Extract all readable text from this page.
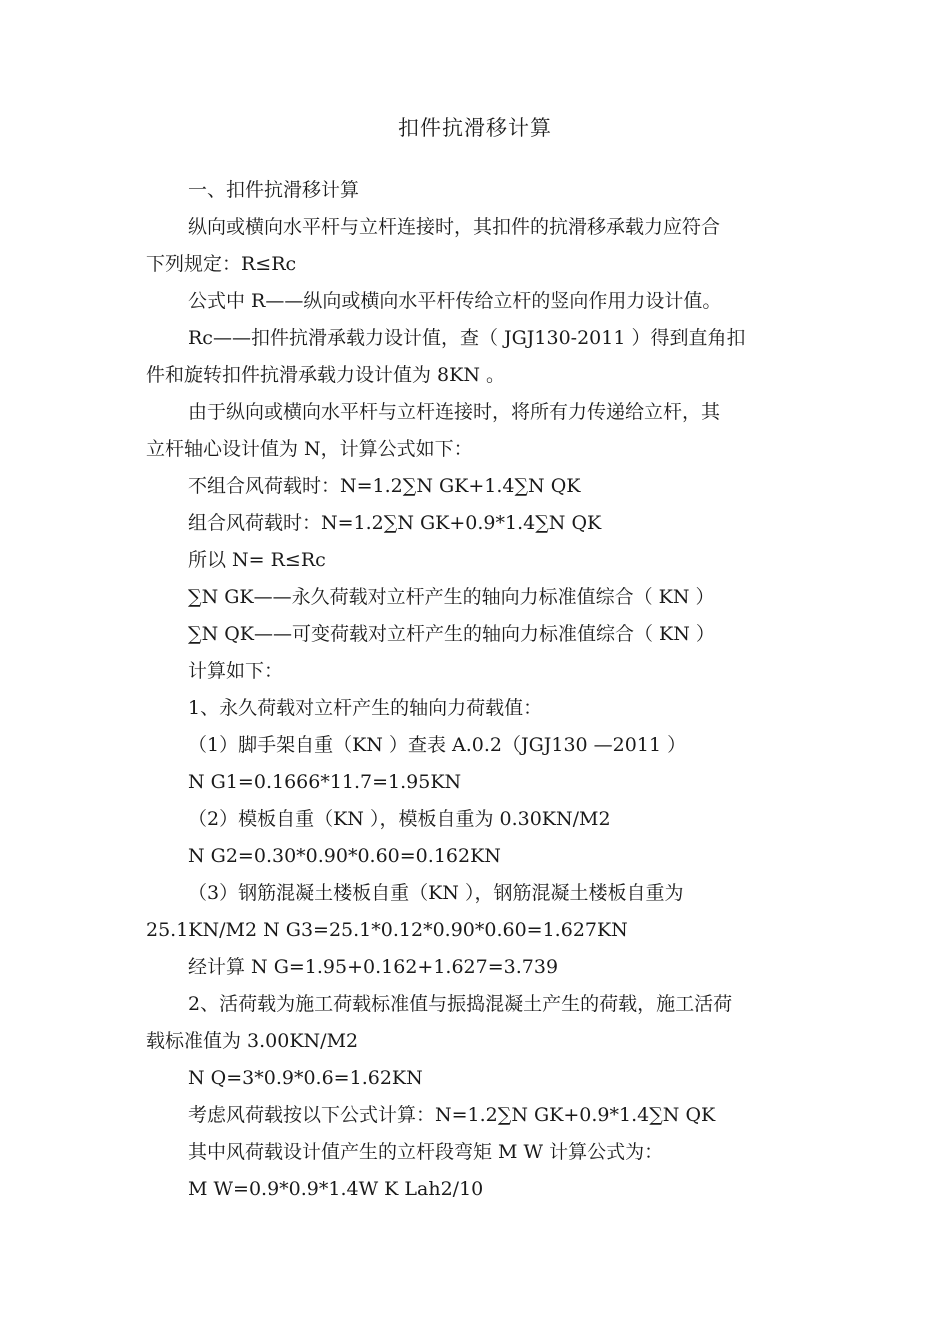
扣件抗滑移计算
一、扣件抗滑移计算
纵向或横向水平杆与立杆连接时，其扣件的抗滑移承载力应符合
下列规定：R≤Rc
公式中 R——纵向或横向水平杆传给立杆的竖向作用力设计值。
Rc——扣件抗滑承载力设计值，查（ JGJ130-2011 ）得到直角扣
件和旋转扣件抗滑承载力设计值为 8KN 。
由于纵向或横向水平杆与立杆连接时，将所有力传递给立杆，其
立杆轴心设计值为 N，计算公式如下：
不组合风荷载时：N=1.2∑N GK+1.4∑N QK
组合风荷载时：N=1.2∑N GK+0.9*1.4∑N QK
所以 N= R≤Rc
∑N GK——永久荷载对立杆产生的轴向力标准值综合（ KN ）
∑N QK——可变荷载对立杆产生的轴向力标准值综合（ KN ）
计算如下：
1、永久荷载对立杆产生的轴向力荷载值：
（1）脚手架自重（KN ）查表 A.0.2（JGJ130 —2011 ）
N G1=0.1666*11.7=1.95KN
（2）模板自重（KN ），模板自重为 0.30KN/M2
N G2=0.30*0.90*0.60=0.162KN
（3）钢筋混凝土楼板自重（KN ），钢筋混凝土楼板自重为
25.1KN/M2 N G3=25.1*0.12*0.90*0.60=1.627KN
经计算 N G=1.95+0.162+1.627=3.739
2、活荷载为施工荷载标准值与振捣混凝土产生的荷载，施工活荷
载标准值为 3.00KN/M2
N Q=3*0.9*0.6=1.62KN
考虑风荷载按以下公式计算：N=1.2∑N GK+0.9*1.4∑N QK
其中风荷载设计值产生的立杆段弯矩 M W 计算公式为：
M W=0.9*0.9*1.4W K Lah2/10
